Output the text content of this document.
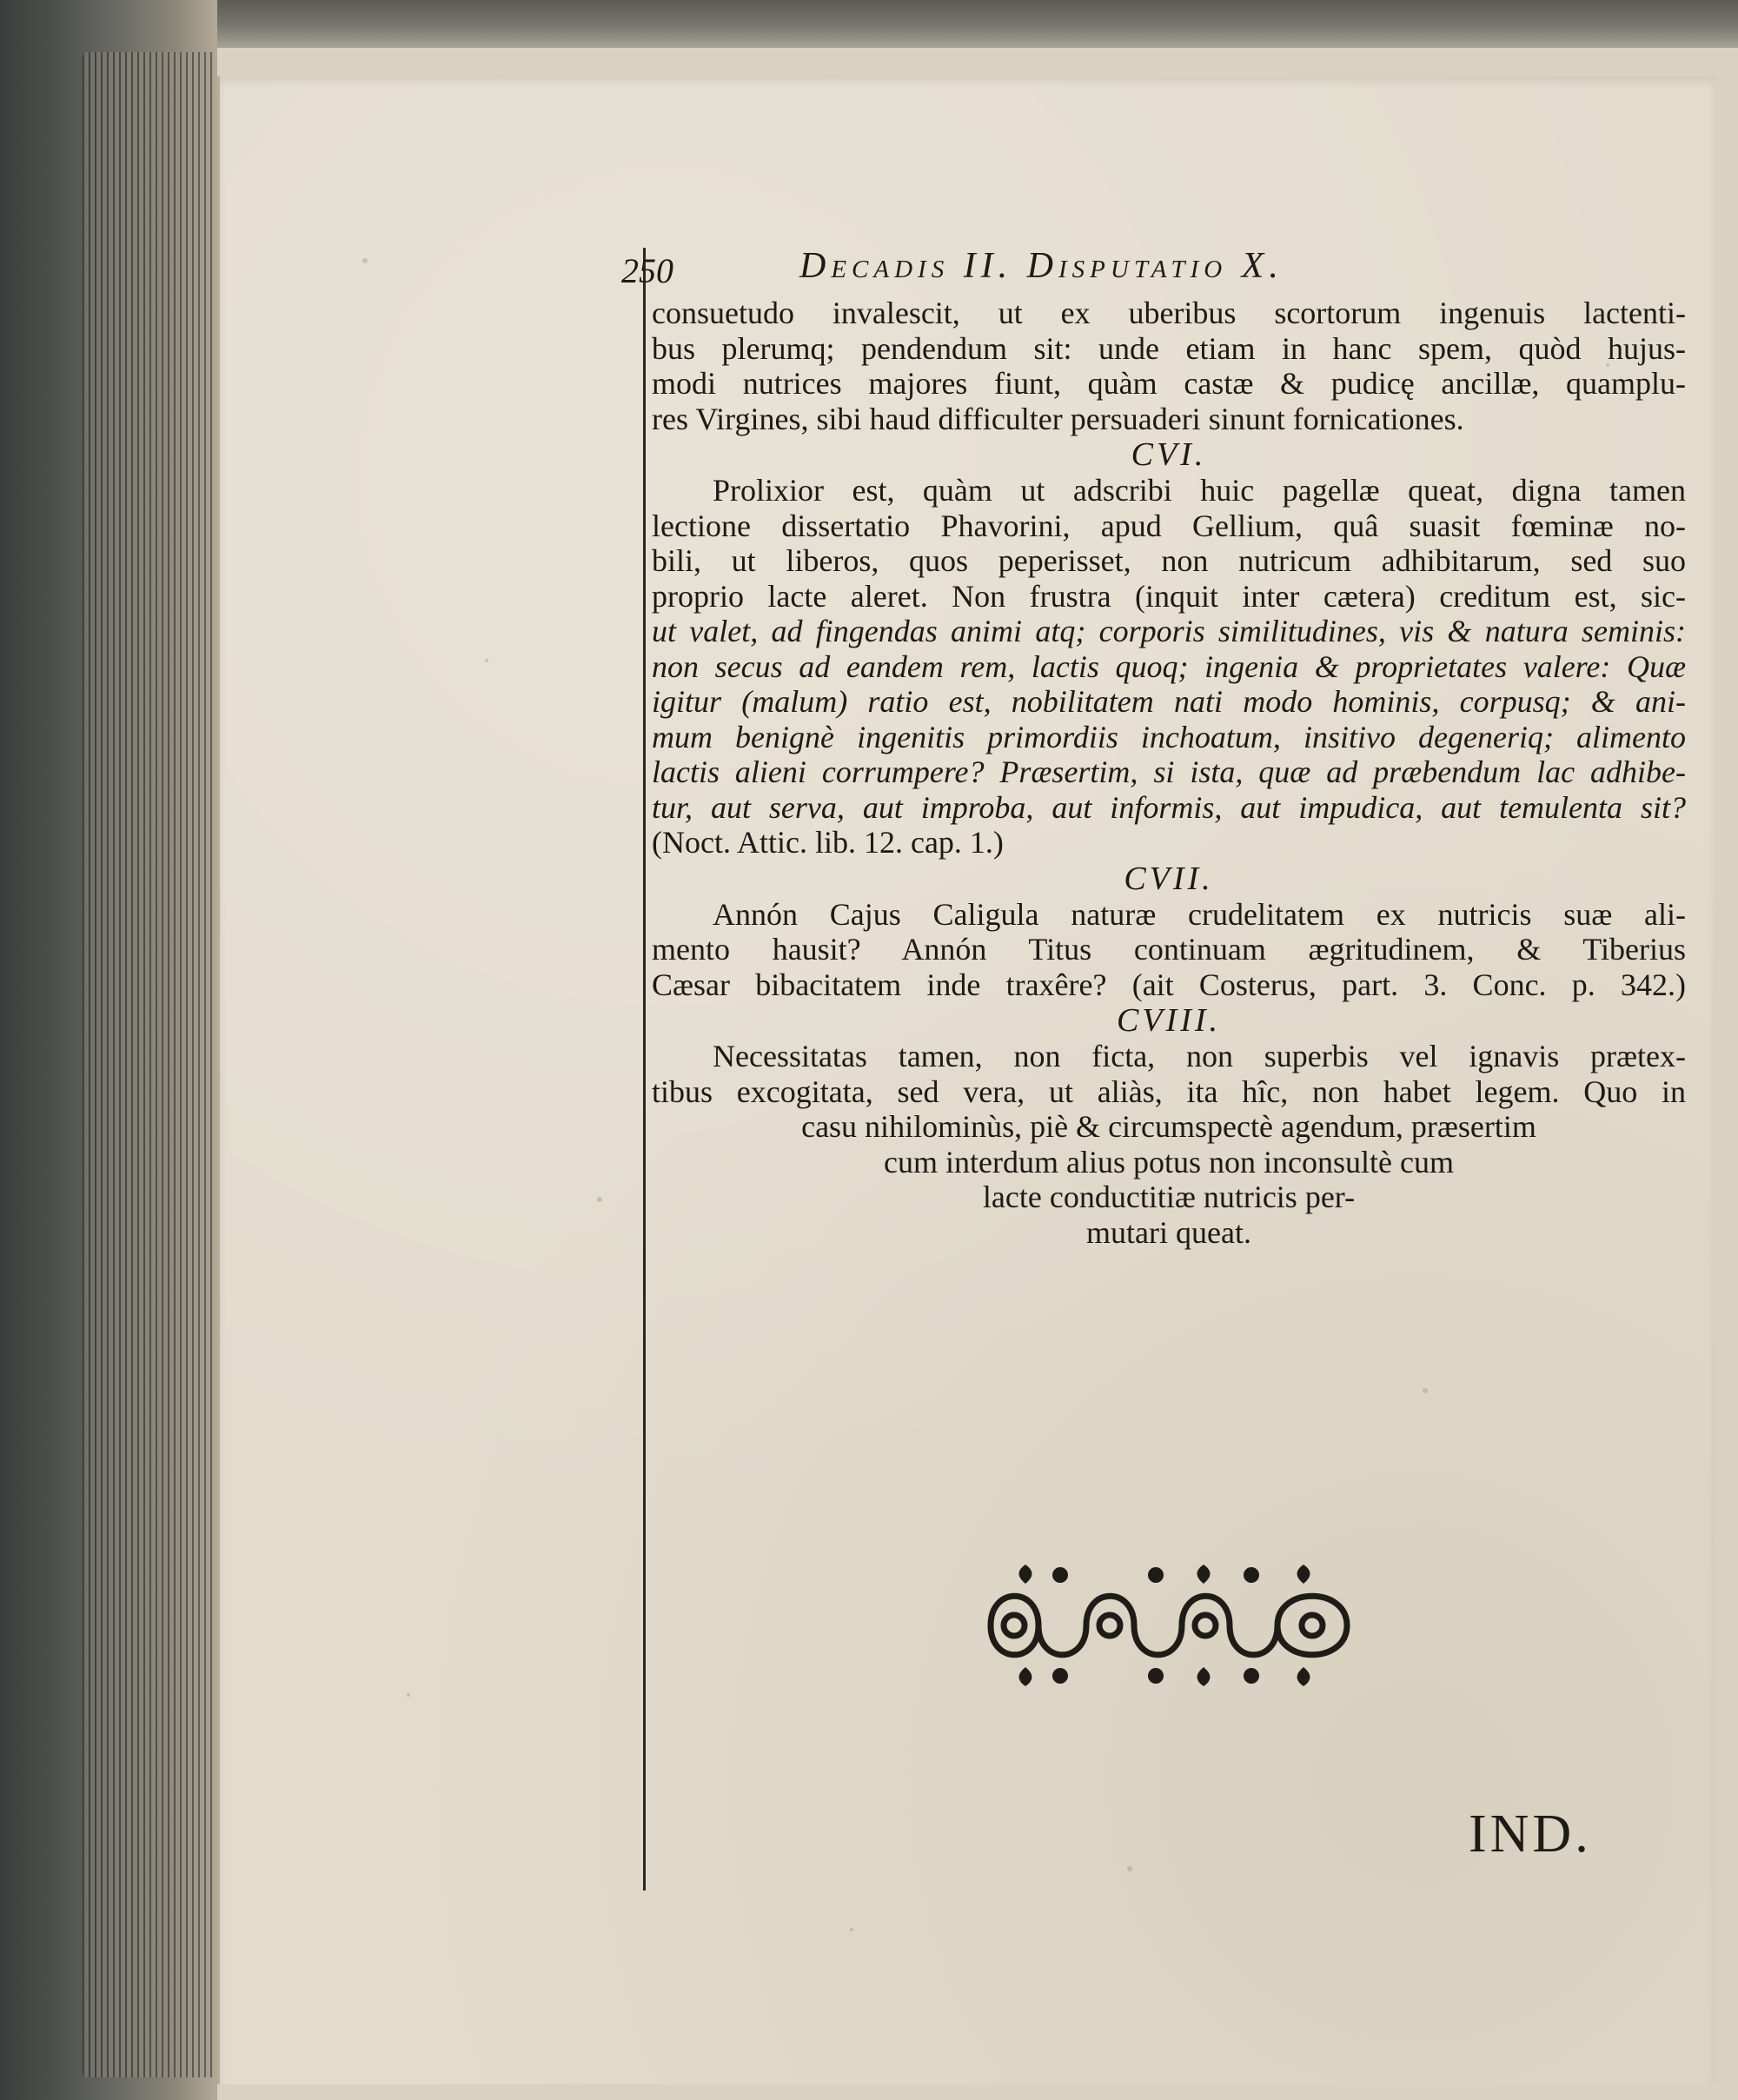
250	Decadis II. Disputatio X.
consuetudo invalescit, ut ex uberibus scortorum ingenuis lactenti-
bus plerumq; pendendum sit: unde etiam in hanc spem, quòd hujus-
modi nutrices majores fiunt, quàm castæ & pudicę ancillæ, quamplu-
res Virgines, sibi haud difficulter persuaderi sinunt fornicationes.
CVI.
Prolixior est, quàm ut adscribi huic pagellæ queat, digna tamen
lectione dissertatio Phavorini, apud Gellium, quâ suasit fœminæ no-
bili, ut liberos, quos peperisset, non nutricum adhibitarum, sed suo
proprio lacte aleret. Non frustra (inquit inter cætera) creditum est, sic-
ut valet, ad fingendas animi atq; corporis similitudines, vis & natura seminis:
non secus ad eandem rem, lactis quoq; ingenia & proprietates valere: Quæ
igitur (malum) ratio est, nobilitatem nati modo hominis, corpusq; & ani-
mum benignè ingenitis primordiis inchoatum, insitivo degeneriq; alimento
lactis alieni corrumpere? Præsertim, si ista, quæ ad præbendum lac adhibe-
tur, aut serva, aut improba, aut informis, aut impudica, aut temulenta sit?
(Noct. Attic. lib. 12. cap. 1.)
CVII.
Annón Cajus Caligula naturæ crudelitatem ex nutricis suæ ali-
mento hausit? Annón Titus continuam ægritudinem, & Tiberius
Cæsar bibacitatem inde traxêre? (ait Costerus, part. 3. Conc. p. 342.)
CVIII.
Necessitatas tamen, non ficta, non superbis vel ignavis prætex-
tibus excogitata, sed vera, ut aliàs, ita hîc, non habet legem. Quo in
casu nihilominùs, piè & circumspectè agendum, præsertim
cum interdum alius potus non inconsultè cum
lacte conductitiæ nutricis per-
mutari queat.
IND.
